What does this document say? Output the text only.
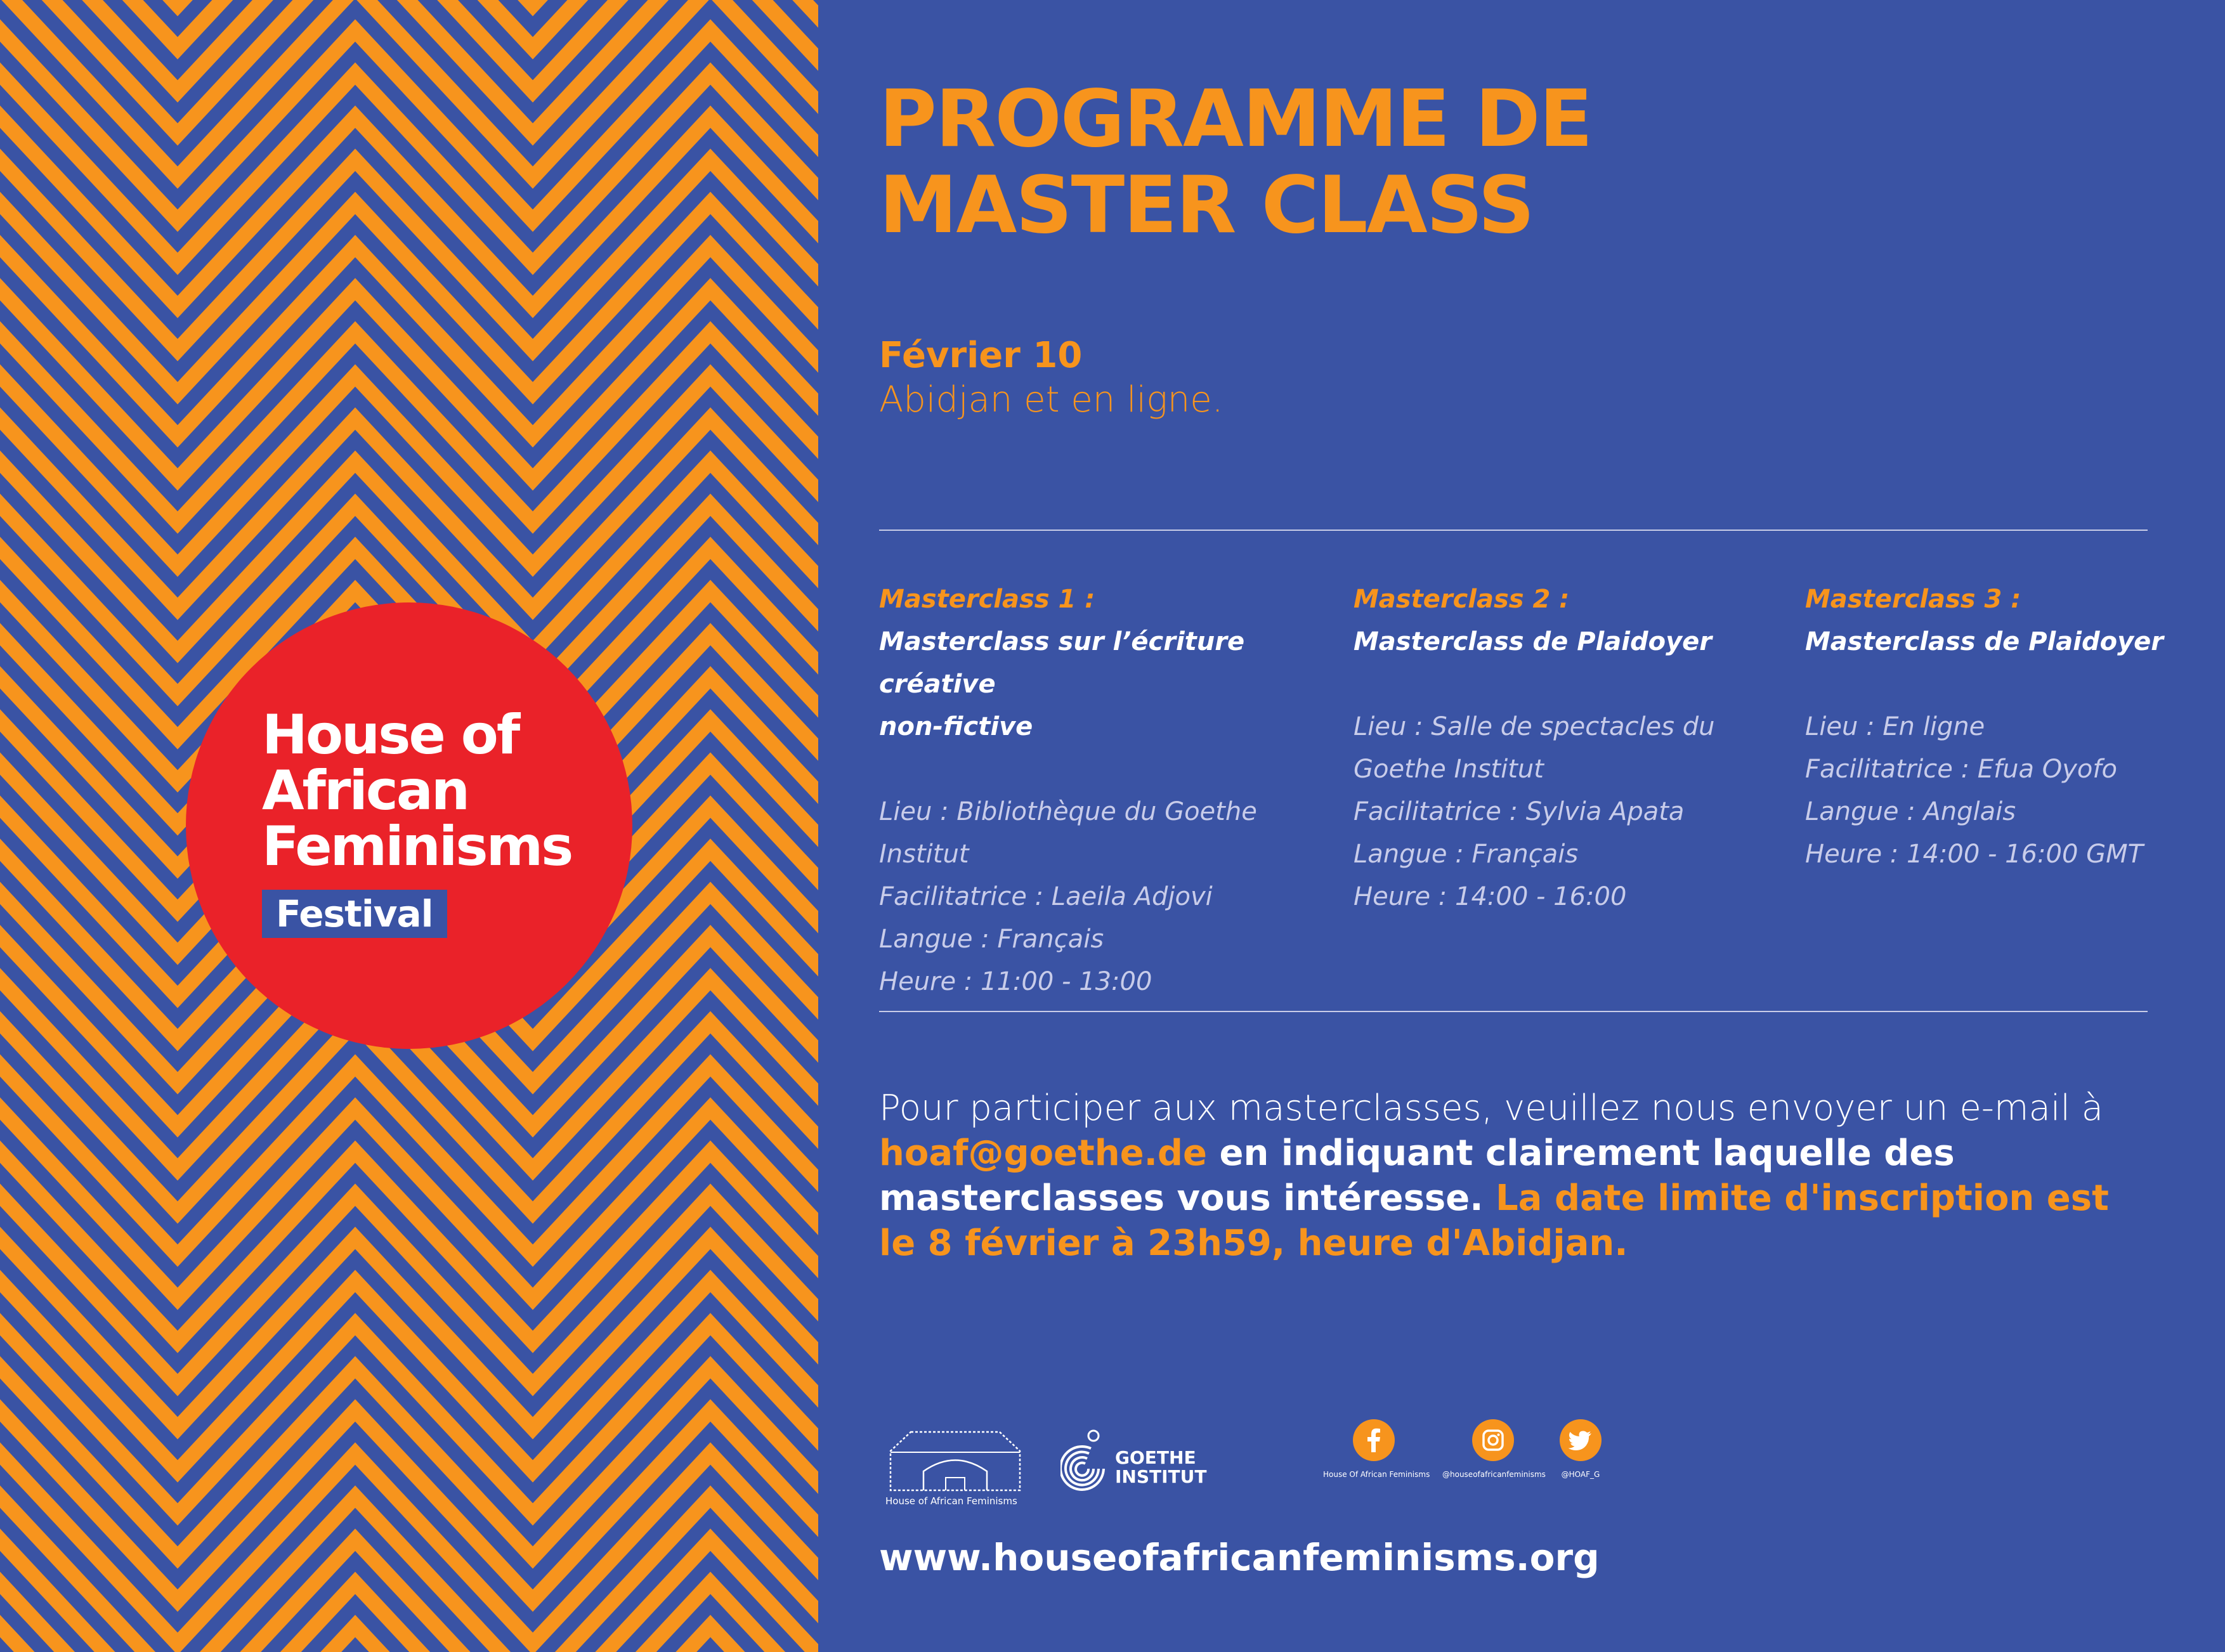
House of
African
Feminisms
Festival
PROGRAMME DE
MASTER CLASS
Février 10
Abidjan et en ligne.
Masterclass 1 :
Masterclass sur l’écriture créative
non-fictive
Lieu : Bibliothèque du Goethe
Institut
Facilitatrice : Laeila Adjovi
Langue : Français
Heure : 11:00 - 13:00
Masterclass 2 :
Masterclass de Plaidoyer
Lieu : Salle de spectacles du
Goethe Institut
Facilitatrice : Sylvia Apata
Langue : Français
Heure : 14:00 - 16:00
Masterclass 3 :
Masterclass de Plaidoyer
Lieu : En ligne
Facilitatrice : Efua Oyofo
Langue : Anglais
Heure : 14:00 - 16:00 GMT
Pour participer aux masterclasses, veuillez nous envoyer un e-mail à
hoaf@goethe.de en indiquant clairement laquelle des masterclasses vous intéresse. La date limite d'inscription est le 8 février à 23h59, heure d'Abidjan.
House of African Feminisms
GOETHE
INSTITUT	House Of African Feminisms @houseofafricanfeminisms	@HOAF_G
www.houseofafricanfeminisms.org
